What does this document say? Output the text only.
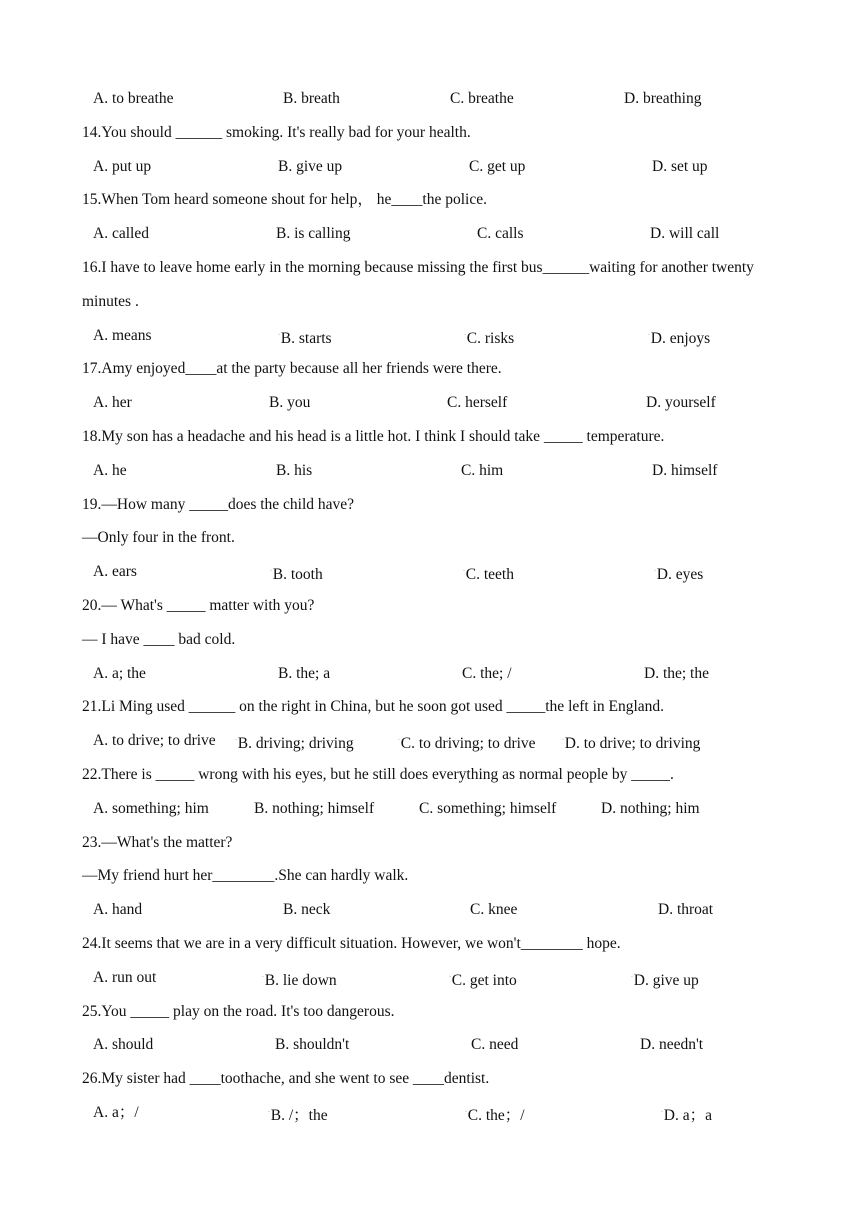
A. to breathe	B. breath	C. breathe	D. breathing
14.You should ______ smoking. It's really bad for your health.
A. put up	B. give up	C. get up	D. set up
15.When Tom heard someone shout for help， he____the police.
A. called	B. is calling	C. calls	D. will call
16.I have to leave home early in the morning because missing the first bus______waiting for another twenty
minutes .
A. means	◦B. starts	◦C. risks	◦D. enjoys
17.Amy enjoyed____at the party because all her friends were there.
A. her	B. you	C. herself	D. yourself
18.My son has a headache and his head is a little hot. I think I should take _____ temperature.
A. he	B. his	C. him	D. himself
19.—How many _____does the child have?
—Only four in the front.
A. ears	◦B. tooth	◦C. teeth	◦D. eyes
20.— What's _____ matter with you?
— I have ____ bad cold.
A. a; the	B. the; a	C. the; /	D. the; the
21.Li Ming used ______ on the right in China, but he soon got used _____the left in England.
A. to drive; to drive	◦B. driving; driving	◦C. to driving; to drive	◦D. to drive; to driving
22.There is _____ wrong with his eyes, but he still does everything as normal people by _____.
A. something; him	B. nothing; himself	C. something; himself	D. nothing; him
23.—What's the matter?
—My friend hurt her________.She can hardly walk.
A. hand	B. neck	C. knee	D. throat
24.It seems that we are in a very difficult situation. However, we won't________ hope.
A. run out	◦B. lie down	◦C. get into	◦D. give up
25.You _____ play on the road. It's too dangerous.
A. should	B. shouldn't	C. need	D. needn't
26.My sister had ____toothache, and she went to see ____dentist.
A. a；/	◦B. /；the	◦C. the；/	◦D. a；a
